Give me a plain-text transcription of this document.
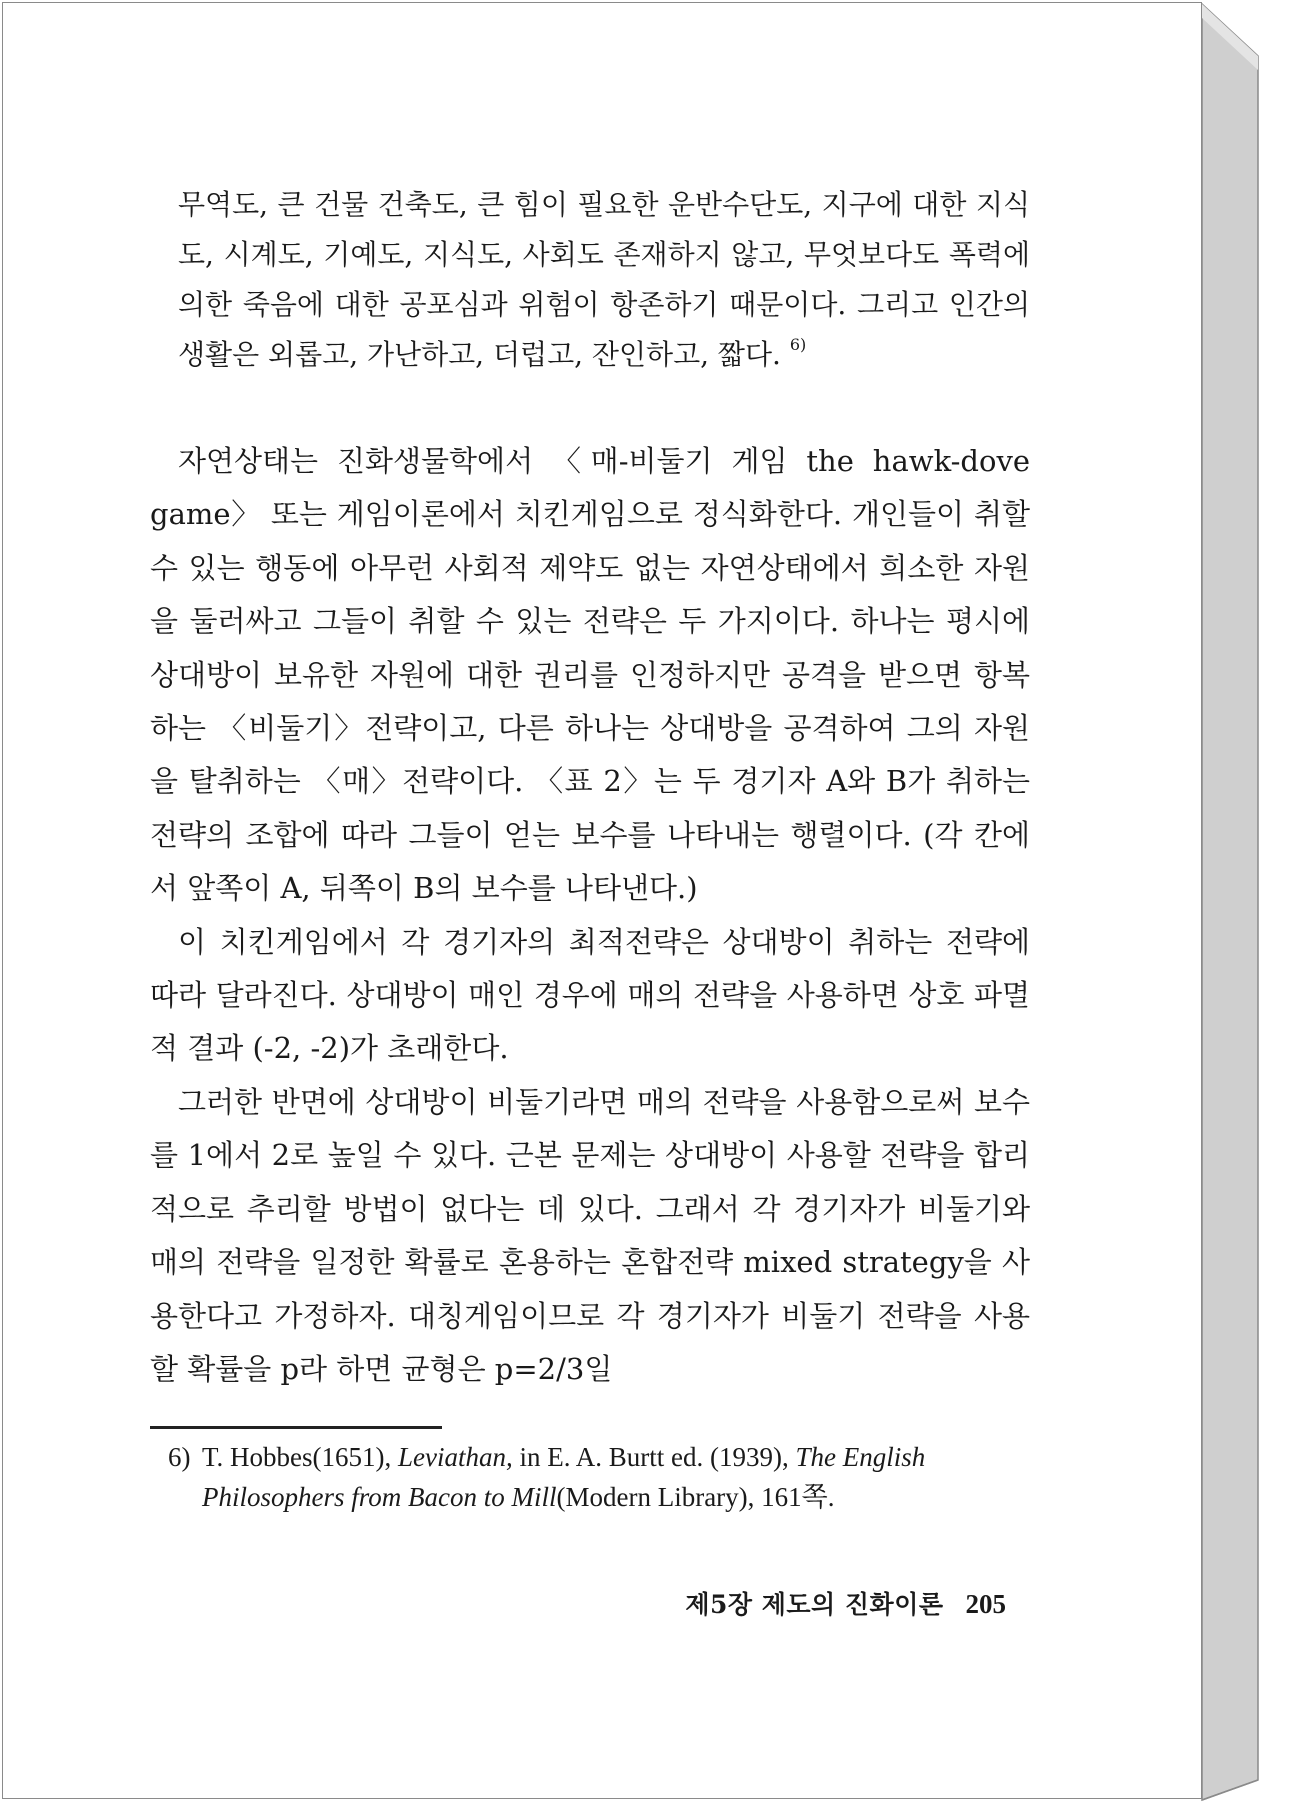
무역도, 큰 건물 건축도, 큰 힘이 필요한 운반수단도, 지구에 대한 지식도, 시계도, 기예도, 지식도, 사회도 존재하지 않고, 무엇보다도 폭력에 의한 죽음에 대한 공포심과 위험이 항존하기 때문이다. 그리고 인간의 생활은 외롭고, 가난하고, 더럽고, 잔인하고, 짧다. $^{6)}$

자연상태는 진화생물학에서 〈매-비둘기 게임 the hawk-dove game〉 또는 게임이론에서 치킨게임으로 정식화한다. 개인들이 취할 수 있는 행동에 아무런 사회적 제약도 없는 자연상태에서 희소한 자원을 둘러싸고 그들이 취할 수 있는 전략은 두 가지이다. 하나는 평시에 상대방이 보유한 자원에 대한 권리를 인정하지만 공격을 받으면 항복하는 〈비둘기〉전략이고, 다른 하나는 상대방을 공격하여 그의 자원을 탈취하는 〈매〉전략이다. 〈표 2〉는 두 경기자 A와 B가 취하는 전략의 조합에 따라 그들이 얻는 보수를 나타내는 행렬이다. (각 칸에서 앞쪽이 A, 뒤쪽이 B의 보수를 나타낸다.)

이 치킨게임에서 각 경기자의 최적전략은 상대방이 취하는 전략에 따라 달라진다. 상대방이 매인 경우에 매의 전략을 사용하면 상호 파멸적 결과 (-2, -2)가 초래한다.

그러한 반면에 상대방이 비둘기라면 매의 전략을 사용함으로써 보수를 1에서 2로 높일 수 있다. 근본 문제는 상대방이 사용할 전략을 합리적으로 추리할 방법이 없다는 데 있다. 그래서 각 경기자가 비둘기와 매의 전략을 일정한 확률로 혼용하는 혼합전략 mixed strategy을 사용한다고 가정하자. 대칭게임이므로 각 경기자가 비둘기 전략을 사용할 확률을 p라 하면 균형은 p=2/3일

6) T. Hobbes(1651), Leviathan, in E. A. Burtt ed. (1939), The English Philosophers from Bacon to Mill(Modern Library), 161쪽.
제5장 제도의 진화이론 205
